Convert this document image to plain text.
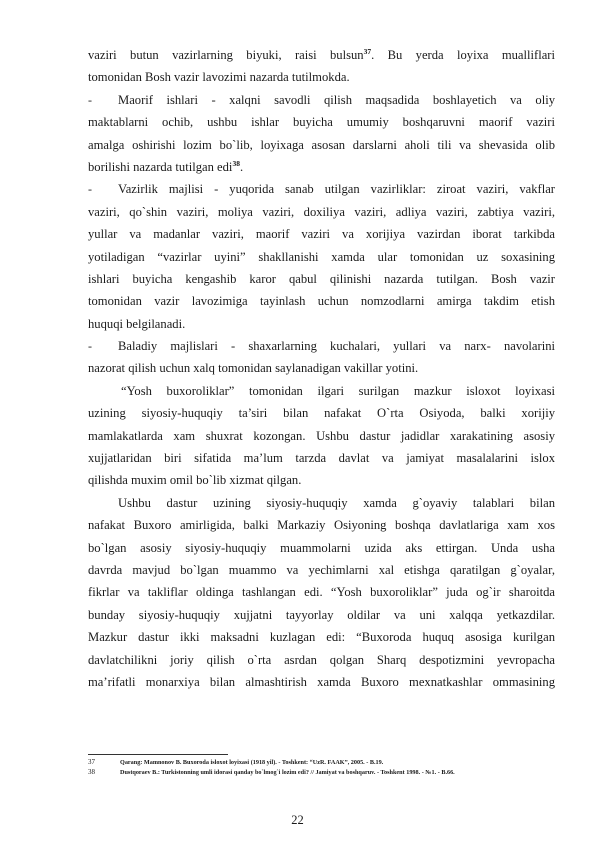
vaziri butun vazirlarning biyuki, raisi bulsun$^{37}$. Bu yerda loyixa mualliflari
tomonidan Bosh vazir lavozimi nazarda tutilmokda.
- Maorif ishlari - xalqni savodli qilish maqsadida boshlayetich va oliy
maktablarni ochib, ushbu ishlar buyicha umumiy boshqaruvni maorif vaziri
amalga oshirishi lozim bo`lib, loyixaga asosan darslarni aholi tili va shevasida olib
borilishi nazarda tutilgan edi$^{38}$.
- Vazirlik majlisi - yuqorida sanab utilgan vazirliklar: ziroat vaziri, vakflar
vaziri, qo`shin vaziri, moliya vaziri, doxiliya vaziri, adliya vaziri, zabtiya vaziri,
yullar va madanlar vaziri, maorif vaziri va xorijiya vazirdan iborat tarkibda
yotiladigan “vazirlar uyini” shakllanishi xamda ular tomonidan uz soxasining
ishlari buyicha kengashib karor qabul qilinishi nazarda tutilgan. Bosh vazir
tomonidan vazir lavozimiga tayinlash uchun nomzodlarni amirga takdim etish
huquqi belgilanadi.
- Baladiy majlislari - shaxarlarning kuchalari, yullari va narx- navolarini
nazorat qilish uchun xalq tomonidan saylanadigan vakillar yotini.
“Yosh buxoroliklar” tomonidan ilgari surilgan mazkur isloxot loyixasi
uzining siyosiy-huquqiy ta’siri bilan nafakat O`rta Osiyoda, balki xorijiy
mamlakatlarda xam shuxrat kozongan. Ushbu dastur jadidlar xarakatining asosiy
xujjatlaridan biri sifatida ma’lum tarzda davlat va jamiyat masalalarini islox
qilishda muxim omil bo`lib xizmat qilgan.
Ushbu dastur uzining siyosiy-huquqiy xamda g`oyaviy talablari bilan
nafakat Buxoro amirligida, balki Markaziy Osiyoning boshqa davlatlariga xam xos
bo`lgan asosiy siyosiy-huquqiy muammolarni uzida aks ettirgan. Unda usha
davrda mavjud bo`lgan muammo va yechimlarni xal etishga qaratilgan g`oyalar,
fikrlar va takliflar oldinga tashlangan edi. “Yosh buxoroliklar” juda og`ir sharoitda
bunday siyosiy-huquqiy xujjatni tayyorlay oldilar va uni xalqqa yetkazdilar.
Mazkur dastur ikki maksadni kuzlagan edi: “Buxoroda huquq asosiga kurilgan
davlatchilikni joriy qilish o`rta asrdan qolgan Sharq despotizmini yevropacha
ma’rifatli monarxiya bilan almashtirish xamda Buxoro mexnatkashlar ommasining
37	Qarang: Mamnonov B. Buxoroda isloxot loyixasi (1918 yil). - Toshkent: “UzR. FAAK”, 2005. - B.19.
38	Dustqoraev B.: Turkistonning umli idorasi qanday bo`lmog`i lozim edi? // Jamiyat va boshqaruv. - Toshkent 1998. - №1. - B.66.
22
